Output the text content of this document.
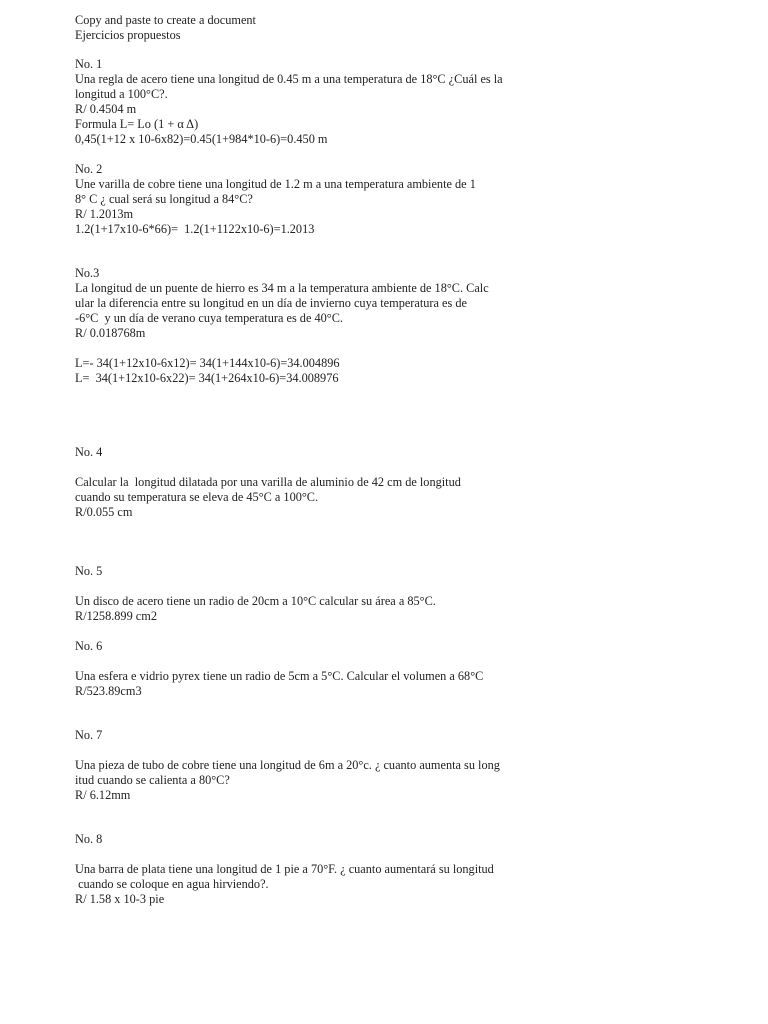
Copy and paste to create a document

Ejercicios propuestos

No. 1

Una regla de acero tiene una longitud de 0.45 m a una temperatura de 18°C ¿Cuál es la

longitud a 100°C?.

R/ 0.4504 m

Formula L= Lo (1 + α Δ)

0,45(1+12 x 10-6x82)=0.45(1+984*10-6)=0.450 m

No. 2

Une varilla de cobre tiene una longitud de 1.2 m a una temperatura ambiente de 1

8° C ¿ cual será su longitud a 84°C?

R/ 1.2013m

1.2(1+17x10-6*66)=  1.2(1+1122x10-6)=1.2013

No.3

La longitud de un puente de hierro es 34 m a la temperatura ambiente de 18°C. Calc

ular la diferencia entre su longitud en un día de invierno cuya temperatura es de

-6°C  y un día de verano cuya temperatura es de 40°C.

R/ 0.018768m

L=- 34(1+12x10-6x12)= 34(1+144x10-6)=34.004896

L=  34(1+12x10-6x22)= 34(1+264x10-6)=34.008976

No. 4

Calcular la  longitud dilatada por una varilla de aluminio de 42 cm de longitud

cuando su temperatura se eleva de 45°C a 100°C.

R/0.055 cm

No. 5

Un disco de acero tiene un radio de 20cm a 10°C calcular su área a 85°C.

R/1258.899 cm2

No. 6

Una esfera e vidrio pyrex tiene un radio de 5cm a 5°C. Calcular el volumen a 68°C

R/523.89cm3

No. 7

Una pieza de tubo de cobre tiene una longitud de 6m a 20°c. ¿ cuanto aumenta su long

itud cuando se calienta a 80°C?

R/ 6.12mm

No. 8

Una barra de plata tiene una longitud de 1 pie a 70°F. ¿ cuanto aumentará su longitud

cuando se coloque en agua hirviendo?.

R/ 1.58 x 10-3 pie
